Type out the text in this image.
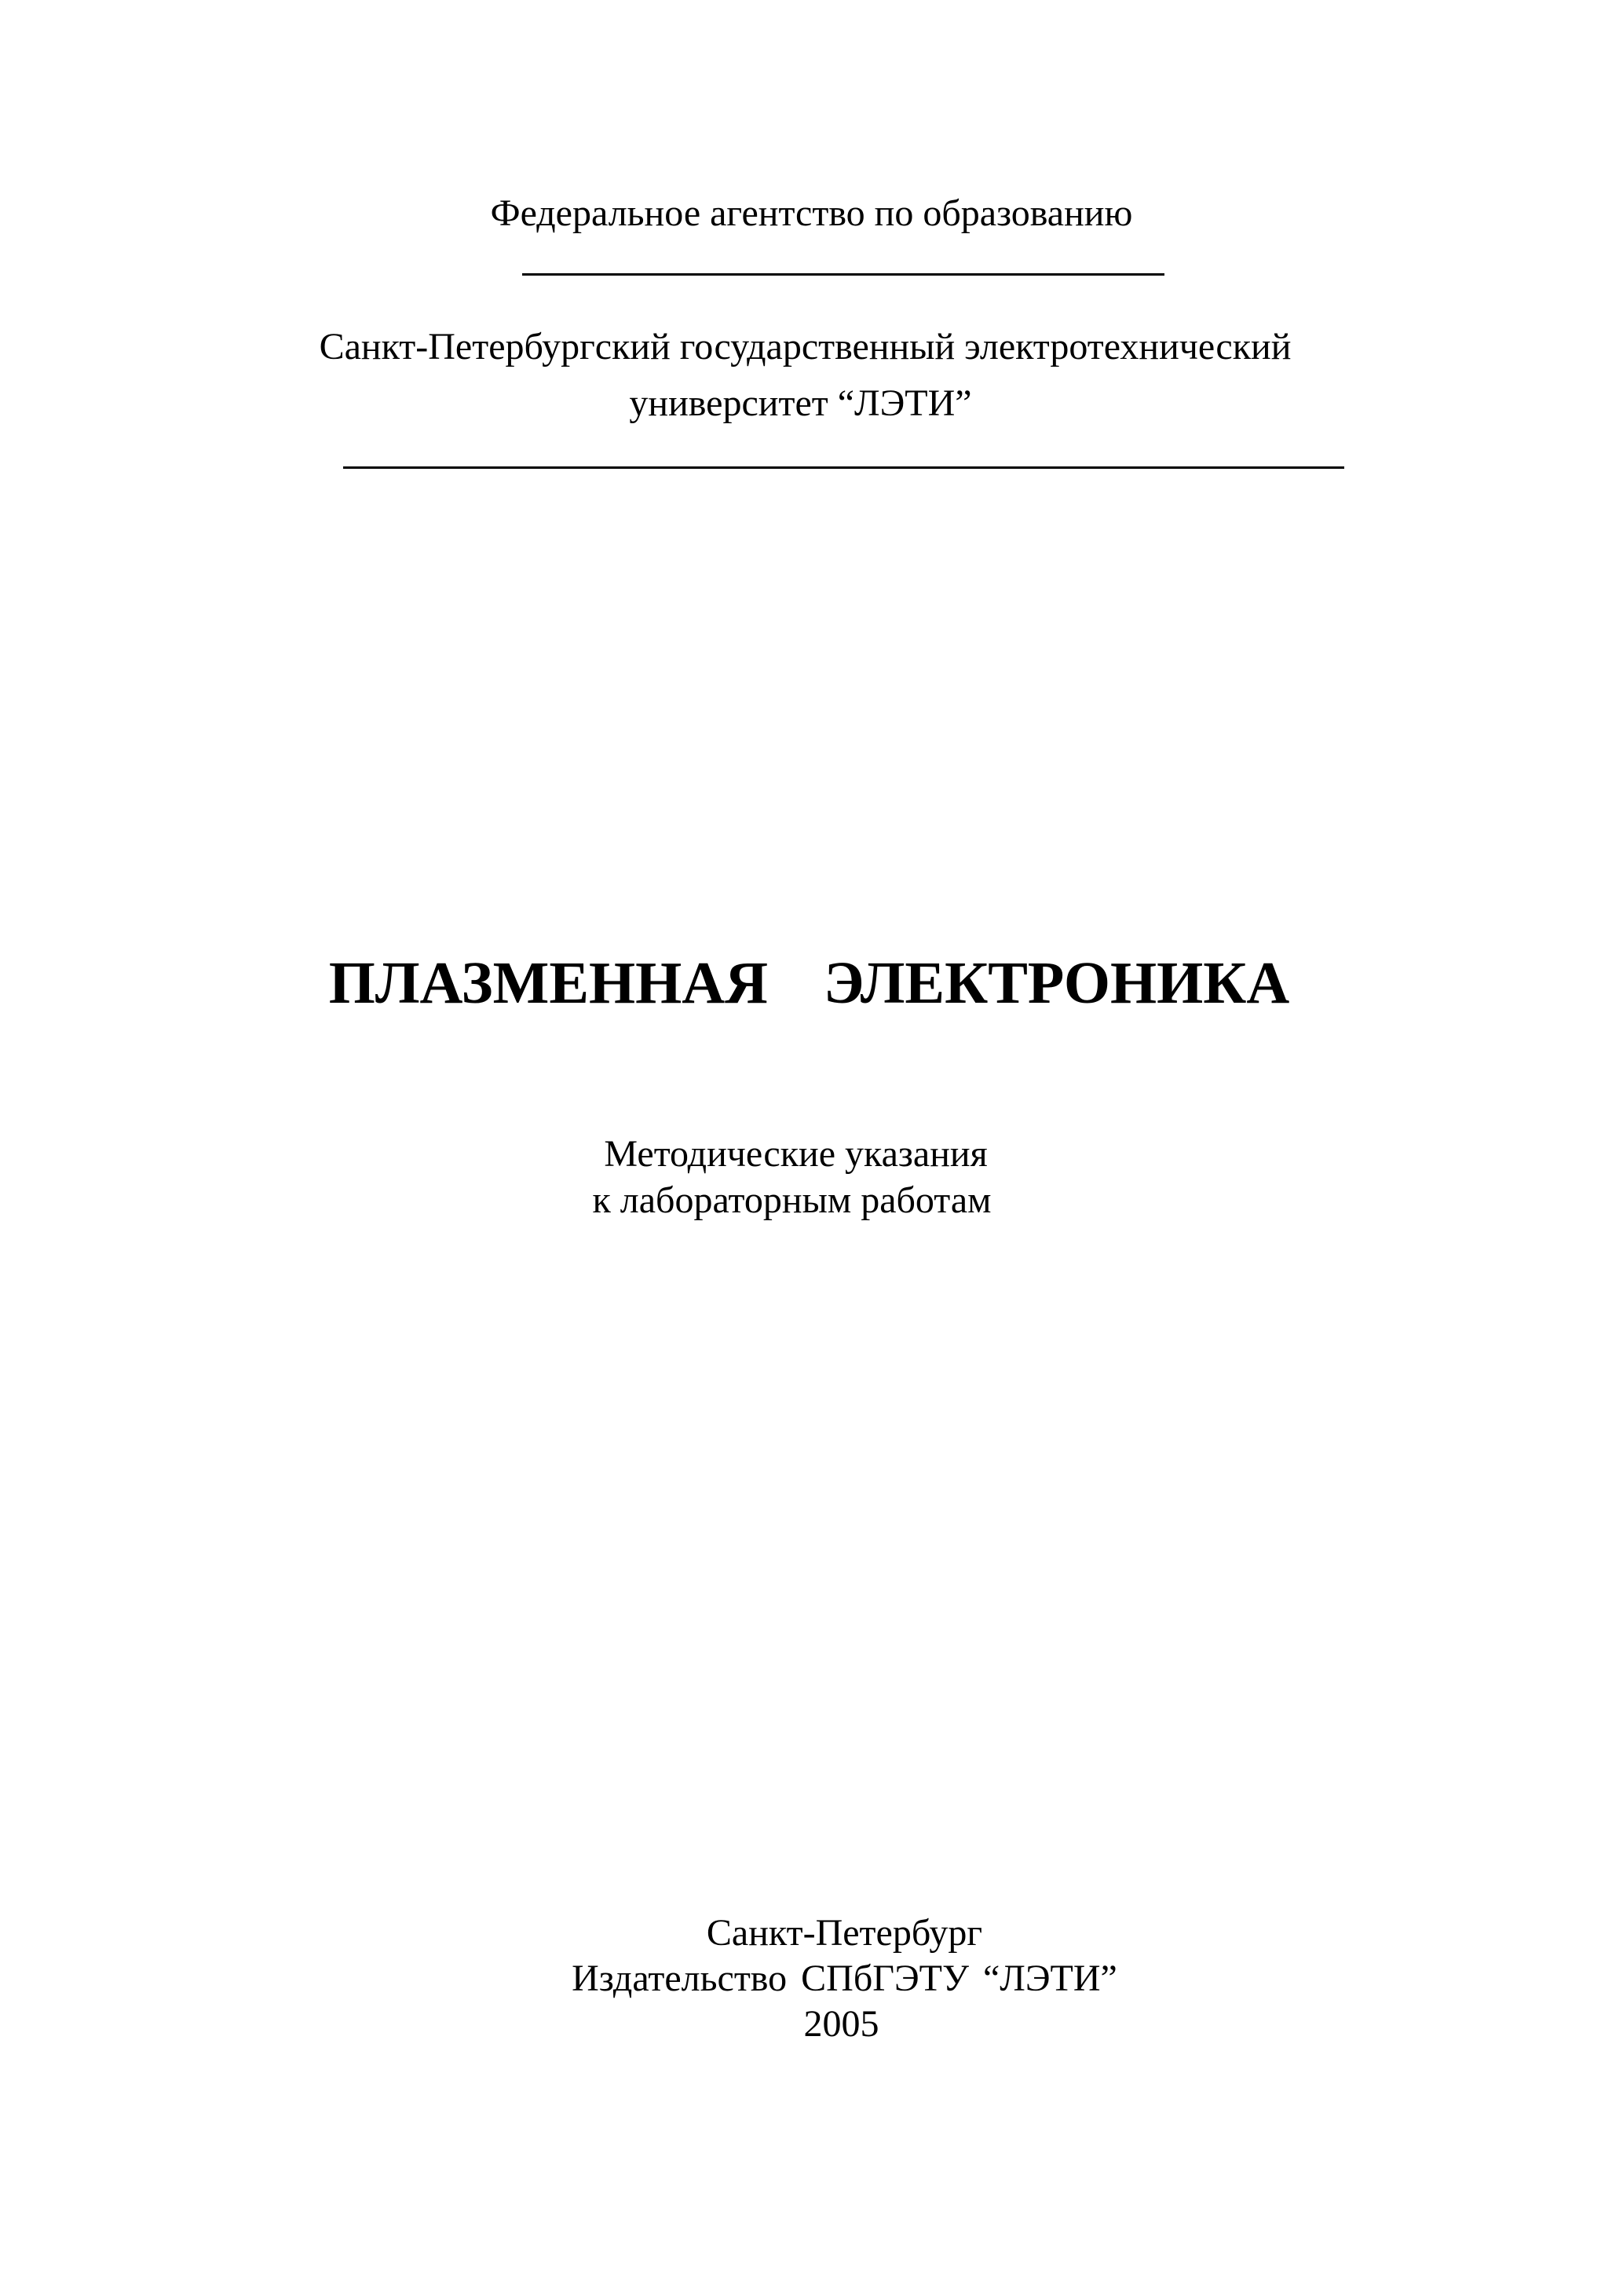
Федеральное агентство по образованию
Санкт-Петербургский государственный электротехнический
университет “ЛЭТИ”
ПЛАЗМЕННАЯ ЭЛЕКТРОНИКА
Методические указания
к лабораторным работам
Санкт-Петербург
Издательство СПбГЭТУ “ЛЭТИ”
2005
